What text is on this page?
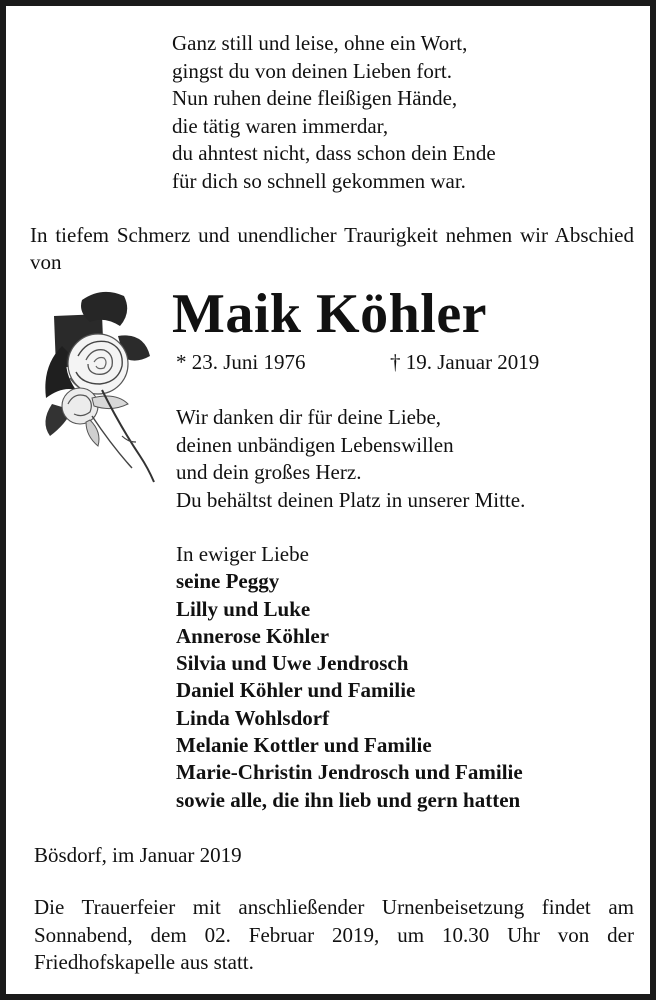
Ganz still und leise, ohne ein Wort,
gingst du von deinen Lieben fort.
Nun ruhen deine fleißigen Hände,
die tätig waren immerdar,
du ahntest nicht, dass schon dein Ende
für dich so schnell gekommen war.
In tiefem Schmerz und unendlicher Traurigkeit nehmen wir Abschied von
Maik Köhler
* 23. Juni 1976	† 19. Januar 2019
Wir danken dir für deine Liebe,
deinen unbändigen Lebenswillen
und dein großes Herz.
Du behältst deinen Platz in unserer Mitte.
In ewiger Liebe
seine Peggy
Lilly und Luke
Annerose Köhler
Silvia und Uwe Jendrosch
Daniel Köhler und Familie
Linda Wohlsdorf
Melanie Kottler und Familie
Marie-Christin Jendrosch und Familie
sowie alle, die ihn lieb und gern hatten
Bösdorf, im Januar 2019
Die Trauerfeier mit anschließender Urnenbeisetzung findet am Sonnabend, dem 02. Februar 2019, um 10.30 Uhr von der Friedhofskapelle aus statt.
